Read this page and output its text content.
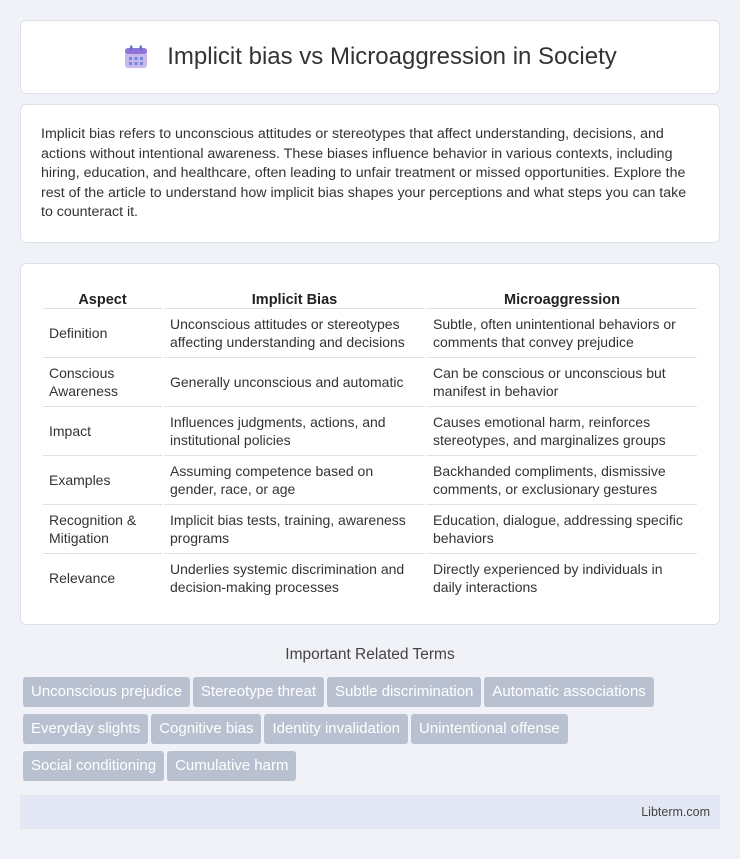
Implicit bias vs Microaggression in Society

Implicit bias refers to unconscious attitudes or stereotypes that affect understanding, decisions, and actions without intentional awareness. These biases influence behavior in various contexts, including hiring, education, and healthcare, often leading to unfair treatment or missed opportunities. Explore the rest of the article to understand how implicit bias shapes your perceptions and what steps you can take to counteract it.

Aspect	Implicit Bias	Microaggression
Definition	Unconscious attitudes or stereotypes affecting understanding and decisions	Subtle, often unintentional behaviors or comments that convey prejudice
Conscious Awareness	Generally unconscious and automatic	Can be conscious or unconscious but manifest in behavior
Impact	Influences judgments, actions, and institutional policies	Causes emotional harm, reinforces stereotypes, and marginalizes groups
Examples	Assuming competence based on gender, race, or age	Backhanded compliments, dismissive comments, or exclusionary gestures
Recognition & Mitigation	Implicit bias tests, training, awareness programs	Education, dialogue, addressing specific behaviors
Relevance	Underlies systemic discrimination and decision-making processes	Directly experienced by individuals in daily interactions
Important Related Terms
Unconscious prejudice Stereotype threat Subtle discrimination Automatic associations
Everyday slights Cognitive bias Identity invalidation Unintentional offense
Social conditioning Cumulative harm
Libterm.com
